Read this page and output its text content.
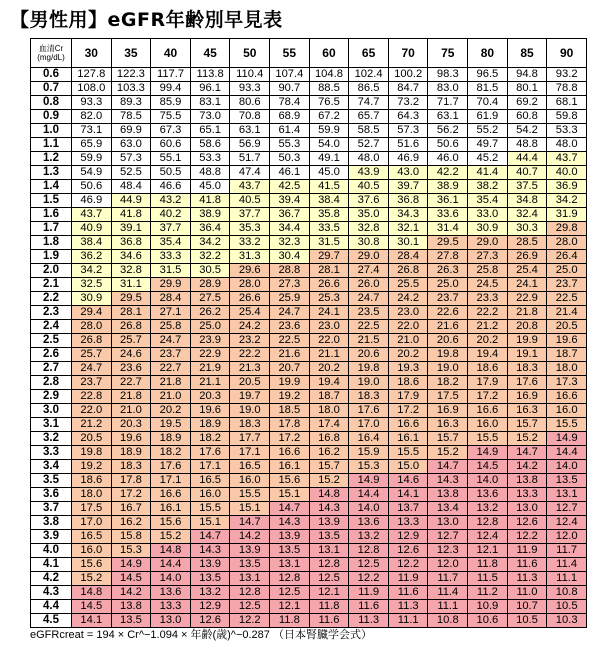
【男性用】eGFR年齢別早見表
血清Cr (mg/dL)	30	35	40	45	50	55	60	65	70	75	80	85	90
0.6	127.8	122.3	117.7	113.8	110.4	107.4	104.8	102.4	100.2	98.3	96.5	94.8	93.2
0.7	108.0	103.3	99.4	96.1	93.3	90.7	88.5	86.5	84.7	83.0	81.5	80.1	78.8
0.8	93.3	89.3	85.9	83.1	80.6	78.4	76.5	74.7	73.2	71.7	70.4	69.2	68.1
0.9	82.0	78.5	75.5	73.0	70.8	68.9	67.2	65.7	64.3	63.1	61.9	60.8	59.8
1.0	73.1	69.9	67.3	65.1	63.1	61.4	59.9	58.5	57.3	56.2	55.2	54.2	53.3
1.1	65.9	63.0	60.6	58.6	56.9	55.3	54.0	52.7	51.6	50.6	49.7	48.8	48.0
1.2	59.9	57.3	55.1	53.3	51.7	50.3	49.1	48.0	46.9	46.0	45.2	44.4	43.7
1.3	54.9	52.5	50.5	48.8	47.4	46.1	45.0	43.9	43.0	42.2	41.4	40.7	40.0
1.4	50.6	48.4	46.6	45.0	43.7	42.5	41.5	40.5	39.7	38.9	38.2	37.5	36.9
1.5	46.9	44.9	43.2	41.8	40.5	39.4	38.4	37.6	36.8	36.1	35.4	34.8	34.2
1.6	43.7	41.8	40.2	38.9	37.7	36.7	35.8	35.0	34.3	33.6	33.0	32.4	31.9
1.7	40.9	39.1	37.7	36.4	35.3	34.4	33.5	32.8	32.1	31.4	30.9	30.3	29.8
1.8	38.4	36.8	35.4	34.2	33.2	32.3	31.5	30.8	30.1	29.5	29.0	28.5	28.0
1.9	36.2	34.6	33.3	32.2	31.3	30.4	29.7	29.0	28.4	27.8	27.3	26.9	26.4
2.0	34.2	32.8	31.5	30.5	29.6	28.8	28.1	27.4	26.8	26.3	25.8	25.4	25.0
2.1	32.5	31.1	29.9	28.9	28.0	27.3	26.6	26.0	25.5	25.0	24.5	24.1	23.7
2.2	30.9	29.5	28.4	27.5	26.6	25.9	25.3	24.7	24.2	23.7	23.3	22.9	22.5
2.3	29.4	28.1	27.1	26.2	25.4	24.7	24.1	23.5	23.0	22.6	22.2	21.8	21.4
2.4	28.0	26.8	25.8	25.0	24.2	23.6	23.0	22.5	22.0	21.6	21.2	20.8	20.5
2.5	26.8	25.7	24.7	23.9	23.2	22.5	22.0	21.5	21.0	20.6	20.2	19.9	19.6
2.6	25.7	24.6	23.7	22.9	22.2	21.6	21.1	20.6	20.2	19.8	19.4	19.1	18.7
2.7	24.7	23.6	22.7	21.9	21.3	20.7	20.2	19.8	19.3	19.0	18.6	18.3	18.0
2.8	23.7	22.7	21.8	21.1	20.5	19.9	19.4	19.0	18.6	18.2	17.9	17.6	17.3
2.9	22.8	21.8	21.0	20.3	19.7	19.2	18.7	18.3	17.9	17.5	17.2	16.9	16.6
3.0	22.0	21.0	20.2	19.6	19.0	18.5	18.0	17.6	17.2	16.9	16.6	16.3	16.0
3.1	21.2	20.3	19.5	18.9	18.3	17.8	17.4	17.0	16.6	16.3	16.0	15.7	15.5
3.2	20.5	19.6	18.9	18.2	17.7	17.2	16.8	16.4	16.1	15.7	15.5	15.2	14.9
3.3	19.8	18.9	18.2	17.6	17.1	16.6	16.2	15.9	15.5	15.2	14.9	14.7	14.4
3.4	19.2	18.3	17.6	17.1	16.5	16.1	15.7	15.3	15.0	14.7	14.5	14.2	14.0
3.5	18.6	17.8	17.1	16.5	16.0	15.6	15.2	14.9	14.6	14.3	14.0	13.8	13.5
3.6	18.0	17.2	16.6	16.0	15.5	15.1	14.8	14.4	14.1	13.8	13.6	13.3	13.1
3.7	17.5	16.7	16.1	15.5	15.1	14.7	14.3	14.0	13.7	13.4	13.2	13.0	12.7
3.8	17.0	16.2	15.6	15.1	14.7	14.3	13.9	13.6	13.3	13.0	12.8	12.6	12.4
3.9	16.5	15.8	15.2	14.7	14.2	13.9	13.5	13.2	12.9	12.7	12.4	12.2	12.0
4.0	16.0	15.3	14.8	14.3	13.9	13.5	13.1	12.8	12.6	12.3	12.1	11.9	11.7
4.1	15.6	14.9	14.4	13.9	13.5	13.1	12.8	12.5	12.2	12.0	11.8	11.6	11.4
4.2	15.2	14.5	14.0	13.5	13.1	12.8	12.5	12.2	11.9	11.7	11.5	11.3	11.1
4.3	14.8	14.2	13.6	13.2	12.8	12.5	12.1	11.9	11.6	11.4	11.2	11.0	10.8
4.4	14.5	13.8	13.3	12.9	12.5	12.1	11.8	11.6	11.3	11.1	10.9	10.7	10.5
4.5	14.1	13.5	13.0	12.6	12.2	11.8	11.6	11.3	11.1	10.8	10.6	10.5	10.3
eGFRcreat = 194 × Cr^−1.094 × 年齢(歳)^−0.287 （日本腎臓学会式）
